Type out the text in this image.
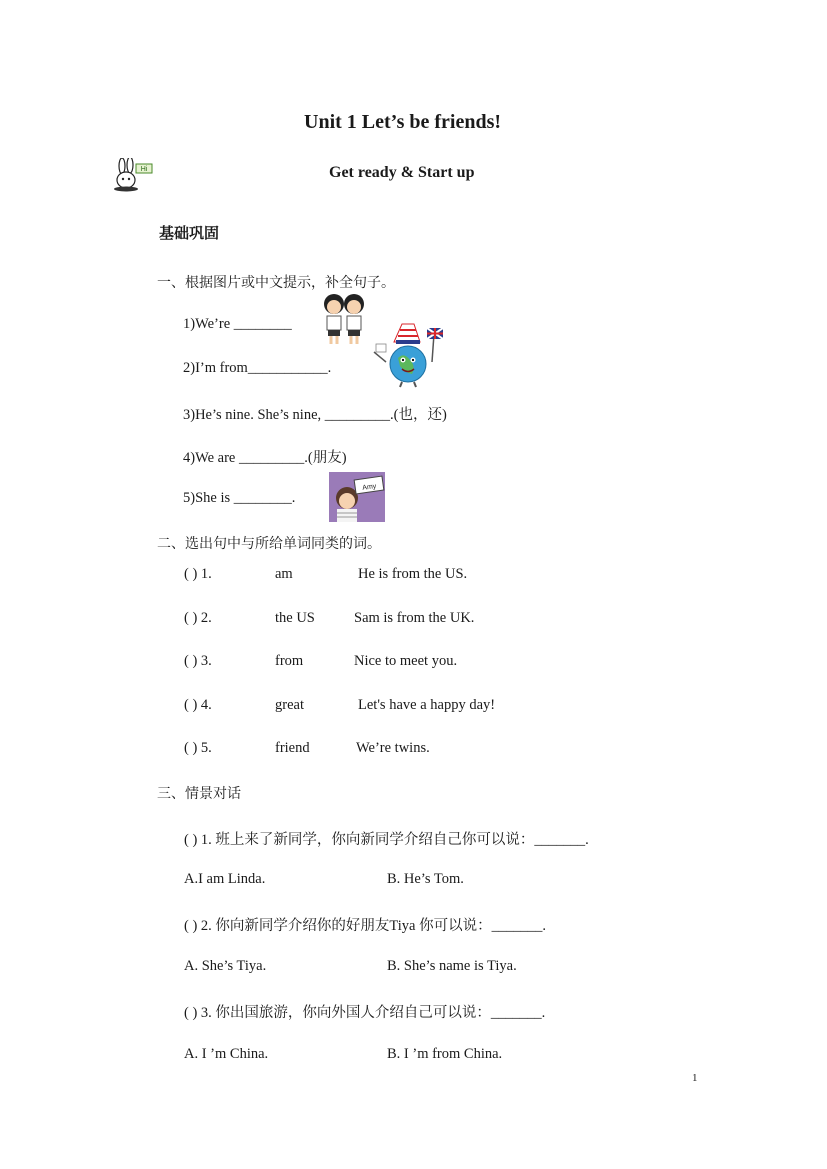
Unit 1 Let’s be friends!
Hi	Get ready & Start up
基础巩固
一、根据图片或中文提示，补全句子。
1)We’re ________
2)I’m from___________.
3)He’s nine. She’s nine, _________.(也，还)
4)We are _________.(朋友)
5)She is ________.
Amy
二、选出句中与所给单词同类的词。
( ) 1.	am	He is from the US.
( ) 2.	the US	Sam is from the UK.
( ) 3.	from	Nice to meet you.
( ) 4.	great	Let's have a happy day!
( ) 5.	friend	We’re twins.
三、情景对话
( ) 1. 班上来了新同学，你向新同学介绍自己你可以说：_______.
A.I am Linda.	B. He’s Tom.
( ) 2. 你向新同学介绍你的好朋友Tiya 你可以说：_______.
A. She’s Tiya.	B. She’s name is Tiya.
( ) 3. 你出国旅游，你向外国人介绍自己可以说：_______.
A. I ’m China.	B. I ’m from China.
1
